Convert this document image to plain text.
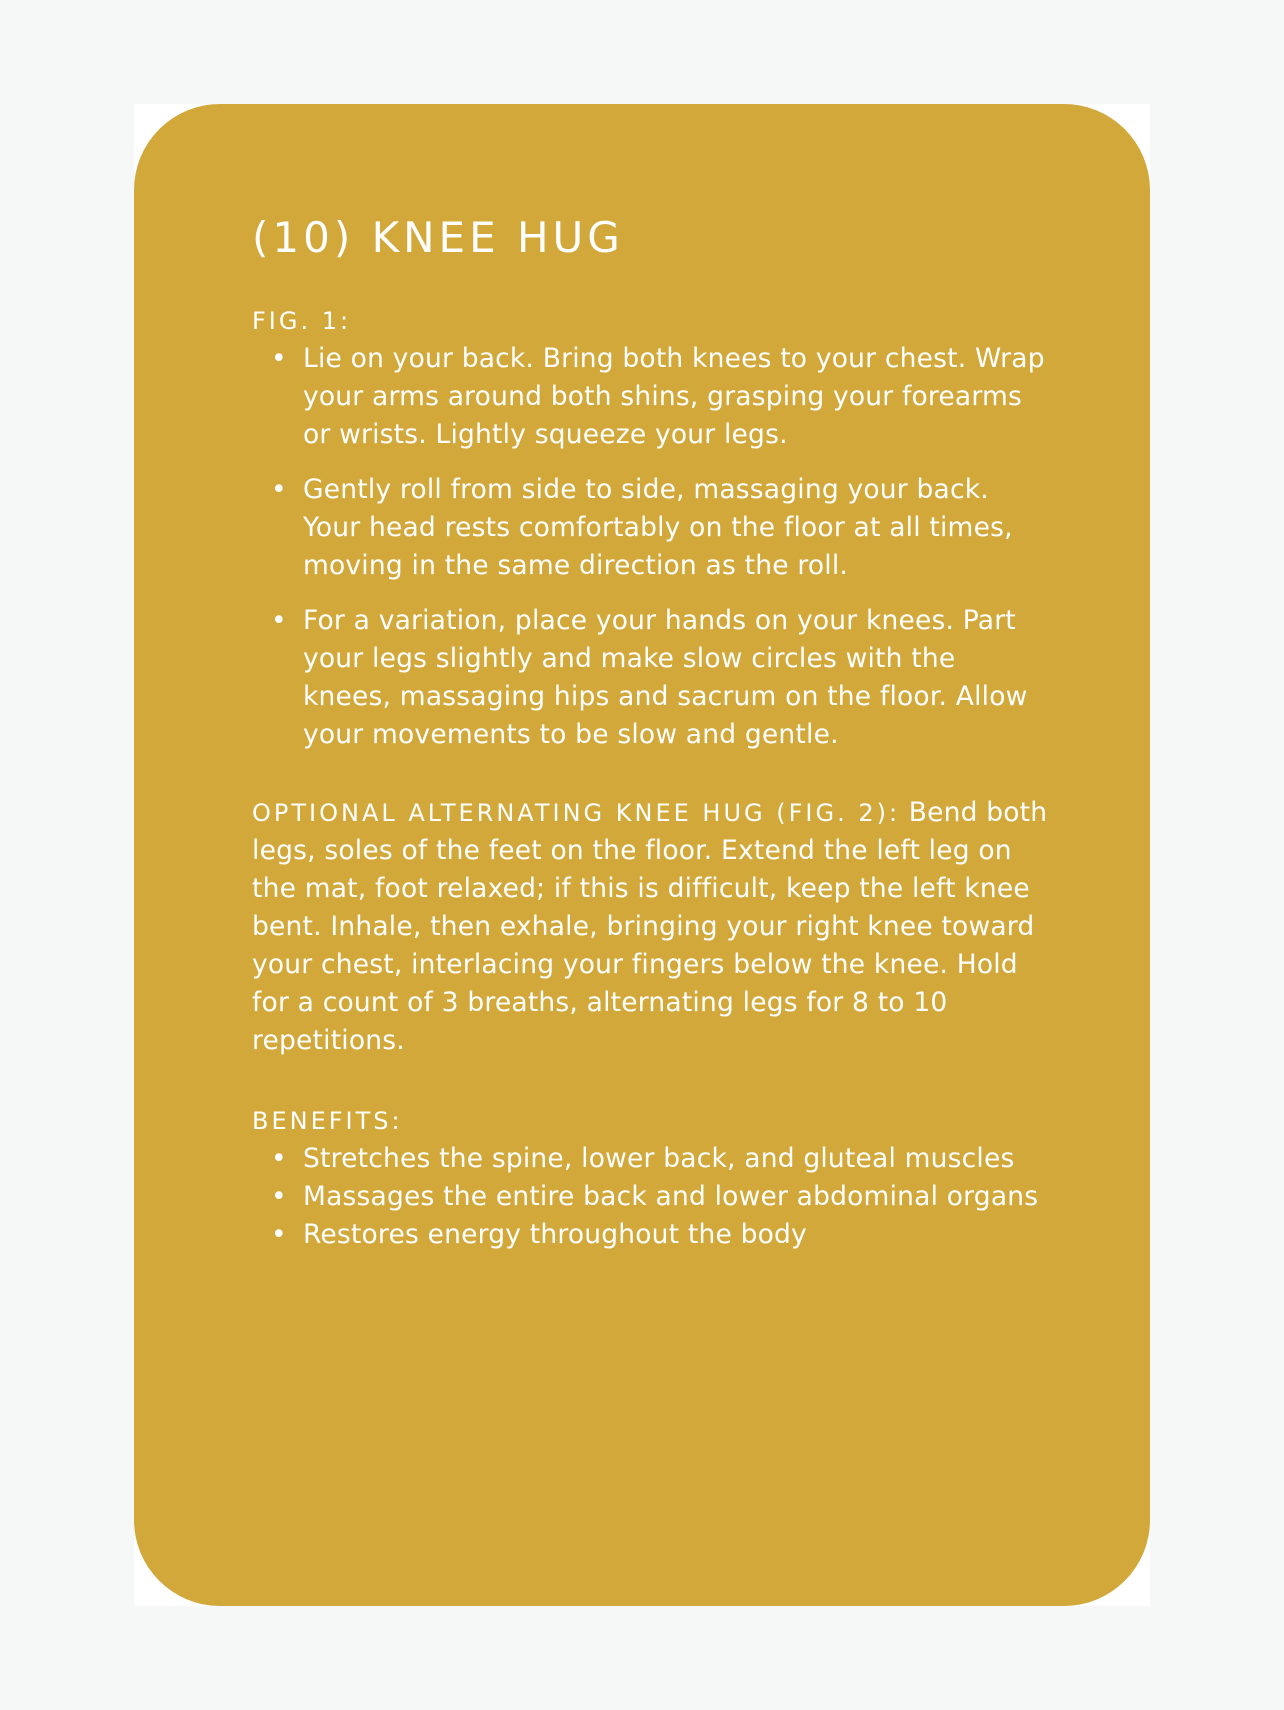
(10) KNEE HUG
FIG. 1:
• Lie on your back. Bring both knees to your chest. Wrap your arms around both shins, grasping your forearms or wrists. Lightly squeeze your legs.
• Gently roll from side to side, massaging your back. Your head rests comfortably on the floor at all times, moving in the same direction as the roll.
• For a variation, place your hands on your knees. Part your legs slightly and make slow circles with the knees, massaging hips and sacrum on the floor. Allow your movements to be slow and gentle.

OPTIONAL ALTERNATING KNEE HUG (FIG. 2): Bend both legs, soles of the feet on the floor. Extend the left leg on the mat, foot relaxed; if this is difficult, keep the left knee bent. Inhale, then exhale, bringing your right knee toward your chest, interlacing your fingers below the knee. Hold for a count of 3 breaths, alternating legs for 8 to 10 repetitions.

BENEFITS:
• Stretches the spine, lower back, and gluteal muscles
• Massages the entire back and lower abdominal organs
• Restores energy throughout the body
